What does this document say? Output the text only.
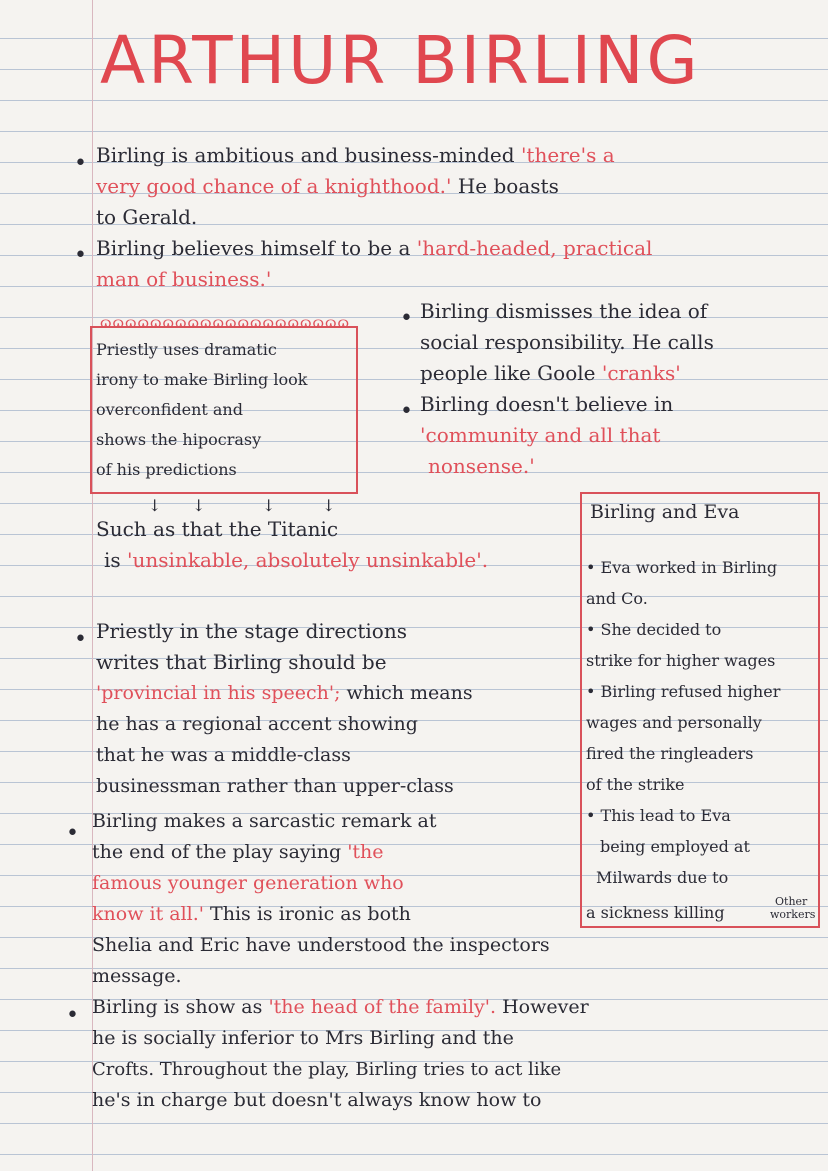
ARTHUR BIRLING
• Birling is ambitious and business-minded 'there's a

very good chance of a knighthood.' He boasts

to Gerald.

• Birling believes himself to be a 'hard-headed, practical

man of business.'

ɷɷɷɷɷɷɷɷɷɷɷɷɷɷɷɷɷɷɷɷ
Priestly uses dramatic
irony to make Birling look
overconfident and
shows the hipocrasy
of his predictions
• Birling dismisses the idea of

social responsibility. He calls

people like Goole 'cranks'

• Birling doesn't believe in

'community and all that

nonsense.'

↓ ↓	↓	↓

Such as that the Titanic

is 'unsinkable, absolutely unsinkable'.

Birling and Eva

• Eva worked in Birling
and Co.
• She decided to
strike for higher wages
• Birling refused higher
wages and personally
fired the ringleaders
of the strike
• This lead to Eva
being employed at
Milwards due to
a sickness killing
Other
workers
• Priestly in the stage directions

writes that Birling should be

'provincial in his speech'; which means

he has a regional accent showing

that he was a middle-class

businessman rather than upper-class

• Birling makes a sarcastic remark at

the end of the play saying 'the

famous younger generation who

know it all.' This is ironic as both

Shelia and Eric have understood the inspectors

message.

• Birling is show as 'the head of the family'. However

he is socially inferior to Mrs Birling and the

Crofts. Throughout the play, Birling tries to act like

he's in charge but doesn't always know how to
